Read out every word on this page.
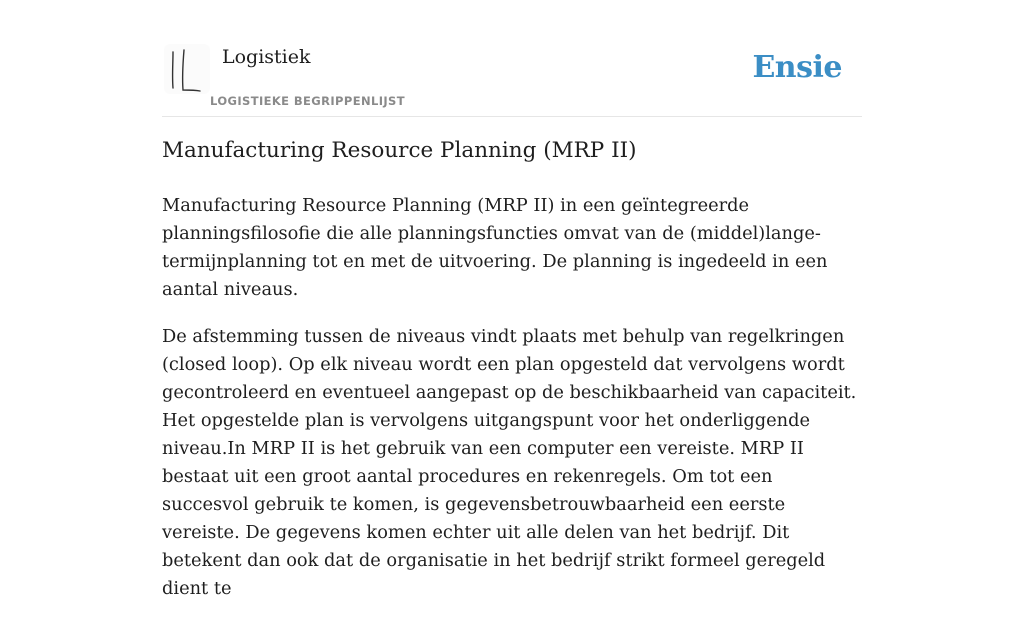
Logistiek
LOGISTIEKE BEGRIPPENLIJST
Ensie
Manufacturing Resource Planning (MRP II)

Manufacturing Resource Planning (MRP II) in een geïntegreerde planningsfilosofie die alle planningsfuncties omvat van de (middel)lange-termijnplanning tot en met de uitvoering. De planning is ingedeeld in een aantal niveaus.

De afstemming tussen de niveaus vindt plaats met behulp van regelkringen (closed loop). Op elk niveau wordt een plan opgesteld dat vervolgens wordt gecontroleerd en eventueel aangepast op de beschikbaarheid van capaciteit. Het opgestelde plan is vervolgens uitgangspunt voor het onderliggende niveau.In MRP II is het gebruik van een computer een vereiste. MRP II bestaat uit een groot aantal procedures en rekenregels. Om tot een succesvol gebruik te komen, is gegevensbetrouwbaarheid een eerste vereiste. De gegevens komen echter uit alle delen van het bedrijf. Dit betekent dan ook dat de organisatie in het bedrijf strikt formeel geregeld dient te
